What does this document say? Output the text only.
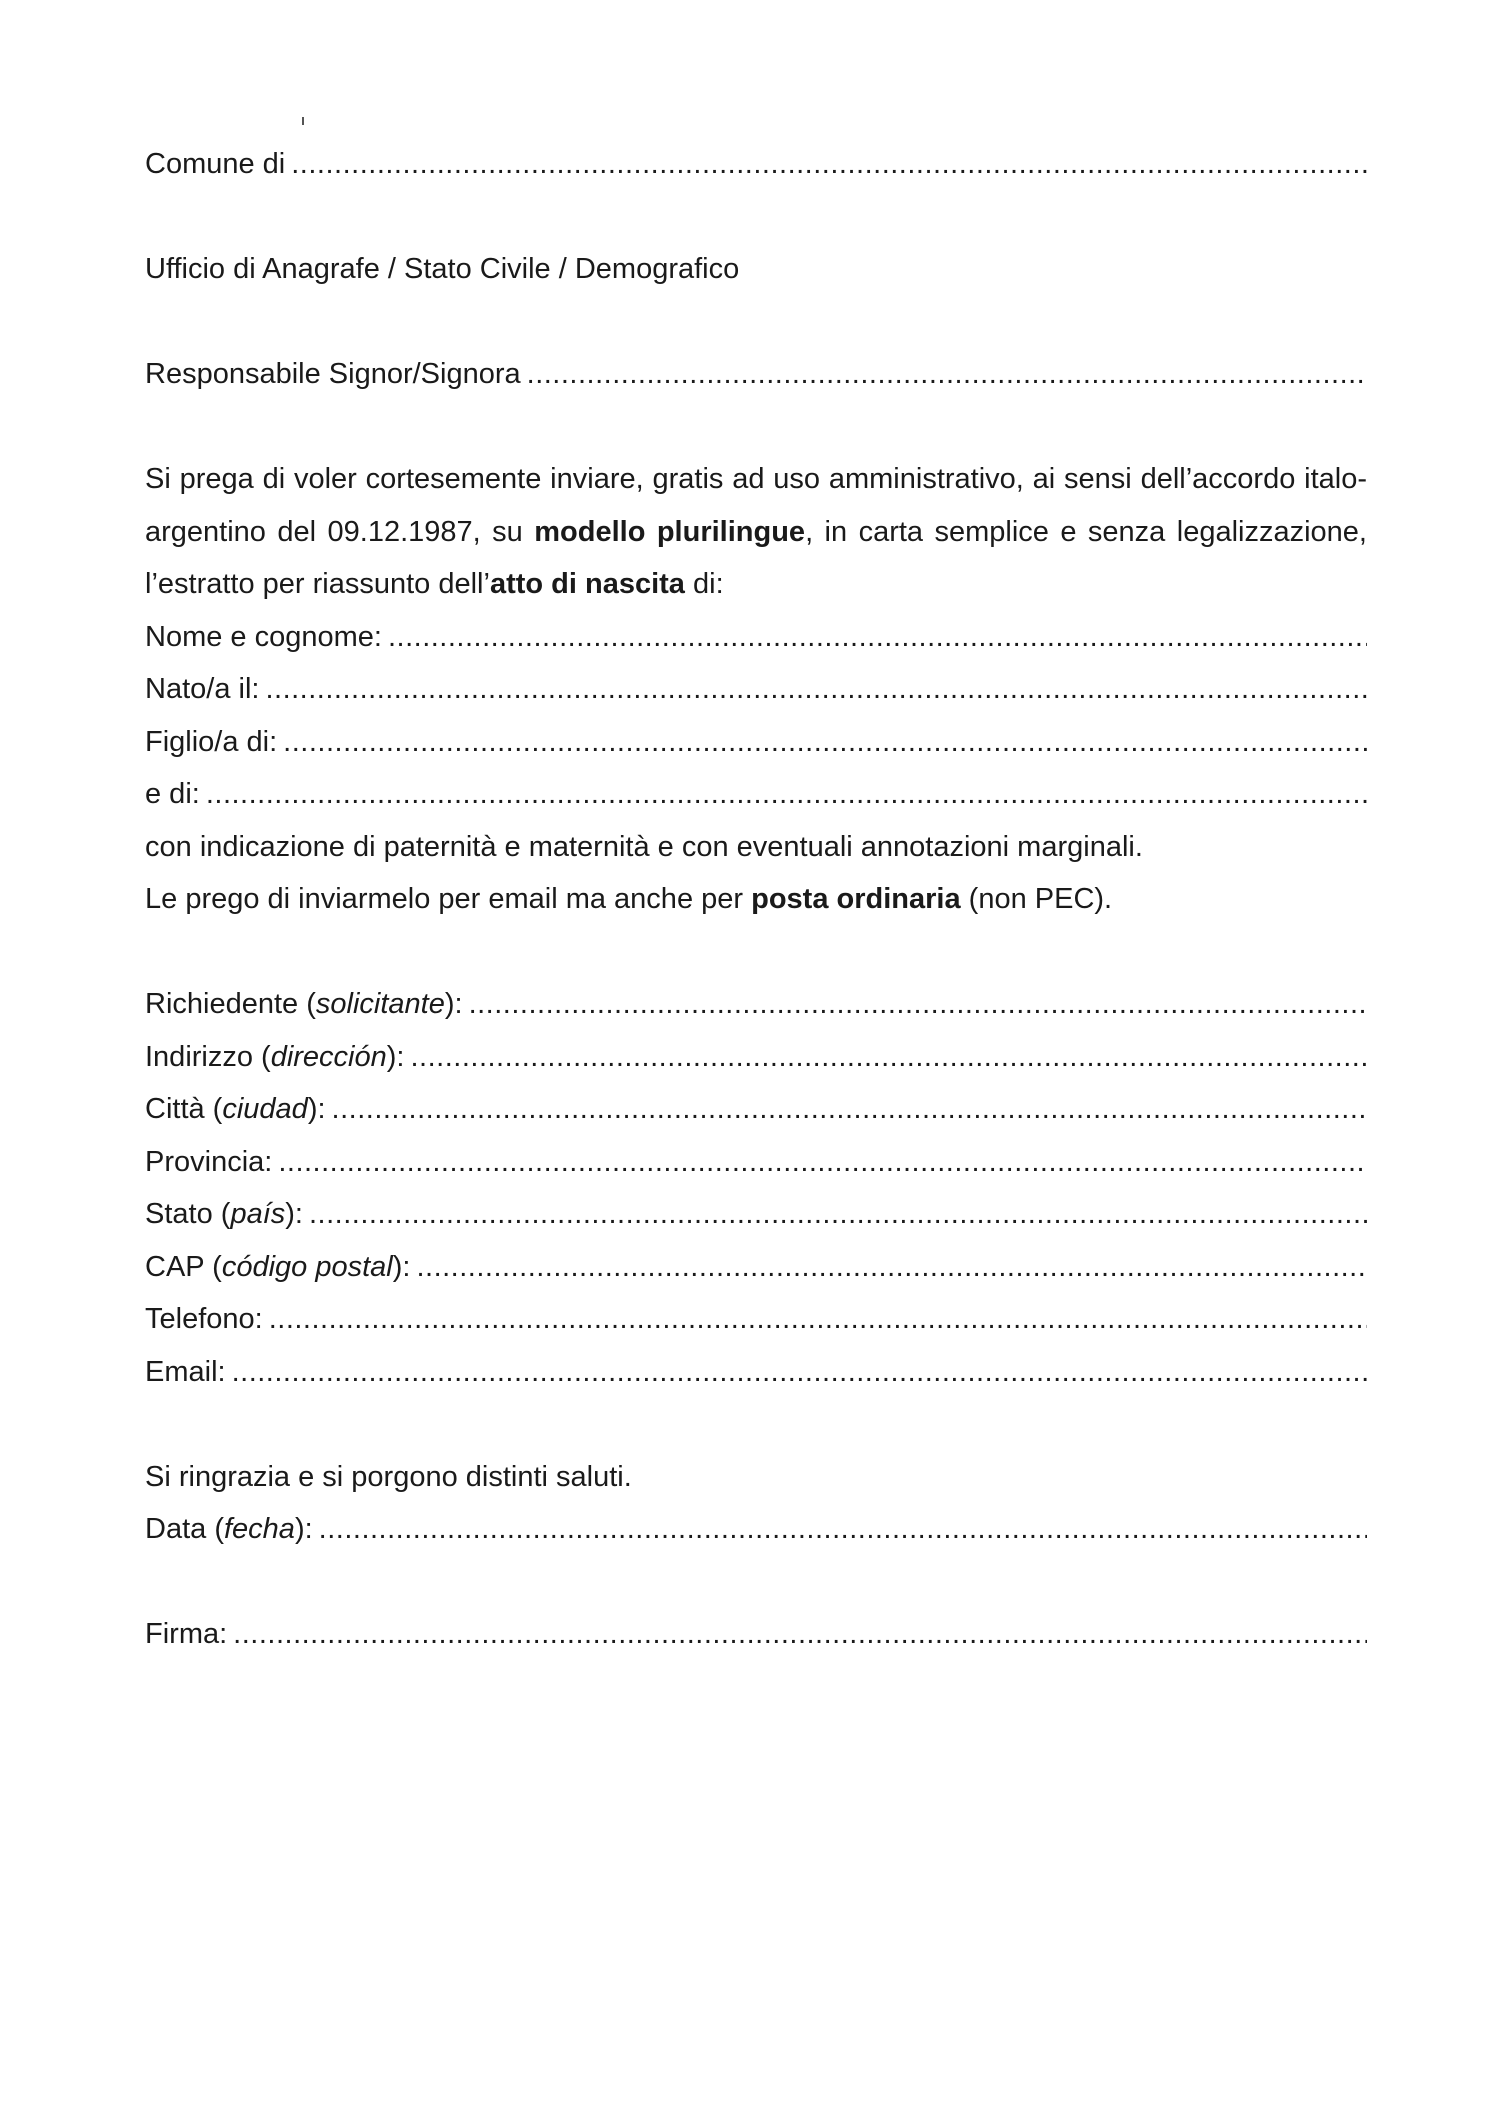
Comune di
.....
Ufficio di Anagrafe / Stato Civile / Demografico
Responsabile Signor/Signora
.....
Si prega di voler cortesemente inviare, gratis ad uso amministrativo, ai sensi dell’accordo italo-argentino del 09.12.1987, su modello plurilingue, in carta semplice e senza legalizzazione, l’estratto per riassunto dell’atto di nascita di:
Nome e cognome:
.....
Nato/a il:
.....
Figlio/a di:
.....
e di:
.....
con indicazione di paternità e maternità e con eventuali annotazioni marginali.
Le prego di inviarmelo per email ma anche per posta ordinaria (non PEC).
Richiedente (solicitante):
.....
Indirizzo (dirección):
.....
Città (ciudad):
.....
Provincia:
.....
Stato (país):
.....
CAP (código postal):
.....
Telefono:
.....
Email:
.....
Si ringrazia e si porgono distinti saluti.
Data (fecha):
.....
Firma:
.....
